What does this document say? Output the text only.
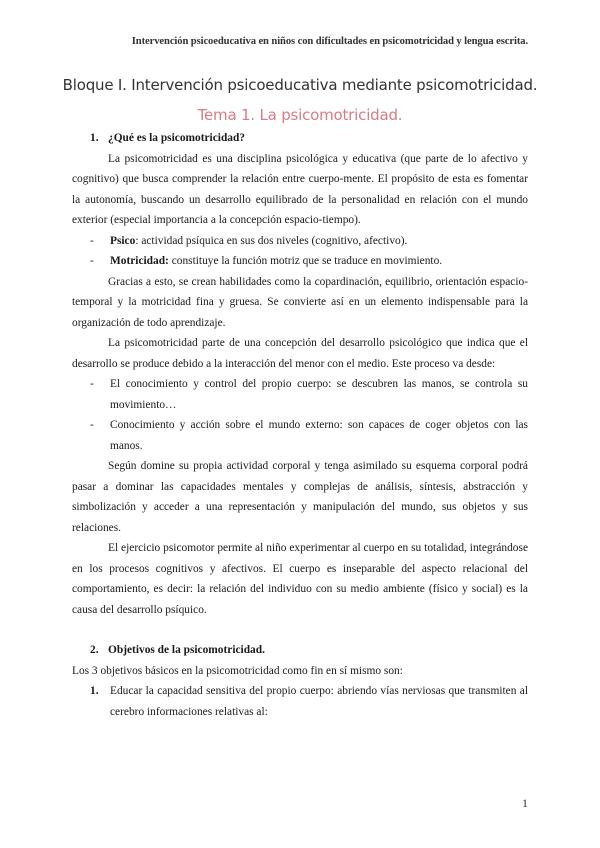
Intervención psicoeducativa en niños con dificultades en psicomotricidad y lengua escrita.
Bloque I. Intervención psicoeducativa mediante psicomotricidad.
Tema 1. La psicomotricidad.
1. ¿Qué es la psicomotricidad?

La psicomotricidad es una disciplina psicológica y educativa (que parte de lo afectivo y cognitivo) que busca comprender la relación entre cuerpo-mente. El propósito de esta es fomentar la autonomía, buscando un desarrollo equilibrado de la personalidad en relación con el mundo exterior (especial importancia a la concepción espacio-tiempo).

- Psico: actividad psíquica en sus dos niveles (cognitivo, afectivo).

- Motricidad: constituye la función motriz que se traduce en movimiento.

Gracias a esto, se crean habilidades como la copardinación, equilibrio, orientación espacio-temporal y la motricidad fina y gruesa. Se convierte así en un elemento indispensable para la organización de todo aprendizaje.

La psicomotricidad parte de una concepción del desarrollo psicológico que indica que el desarrollo se produce debido a la interacción del menor con el medio. Este proceso va desde:

- El conocimiento y control del propio cuerpo: se descubren las manos, se controla su movimiento…

- Conocimiento y acción sobre el mundo externo: son capaces de coger objetos con las manos.

Según domine su propia actividad corporal y tenga asimilado su esquema corporal podrá pasar a dominar las capacidades mentales y complejas de análisis, síntesis, abstracción y simbolización y acceder a una representación y manipulación del mundo, sus objetos y sus relaciones.

El ejercicio psicomotor permite al niño experimentar al cuerpo en su totalidad, integrándose en los procesos cognitivos y afectivos. El cuerpo es inseparable del aspecto relacional del comportamiento, es decir: la relación del individuo con su medio ambiente (físico y social) es la causa del desarrollo psíquico.

2. Objetivos de la psicomotricidad.

Los 3 objetivos básicos en la psicomotricidad como fin en sí mismo son:

1. Educar la capacidad sensitiva del propio cuerpo: abriendo vías nerviosas que transmiten al cerebro informaciones relativas al:

1
